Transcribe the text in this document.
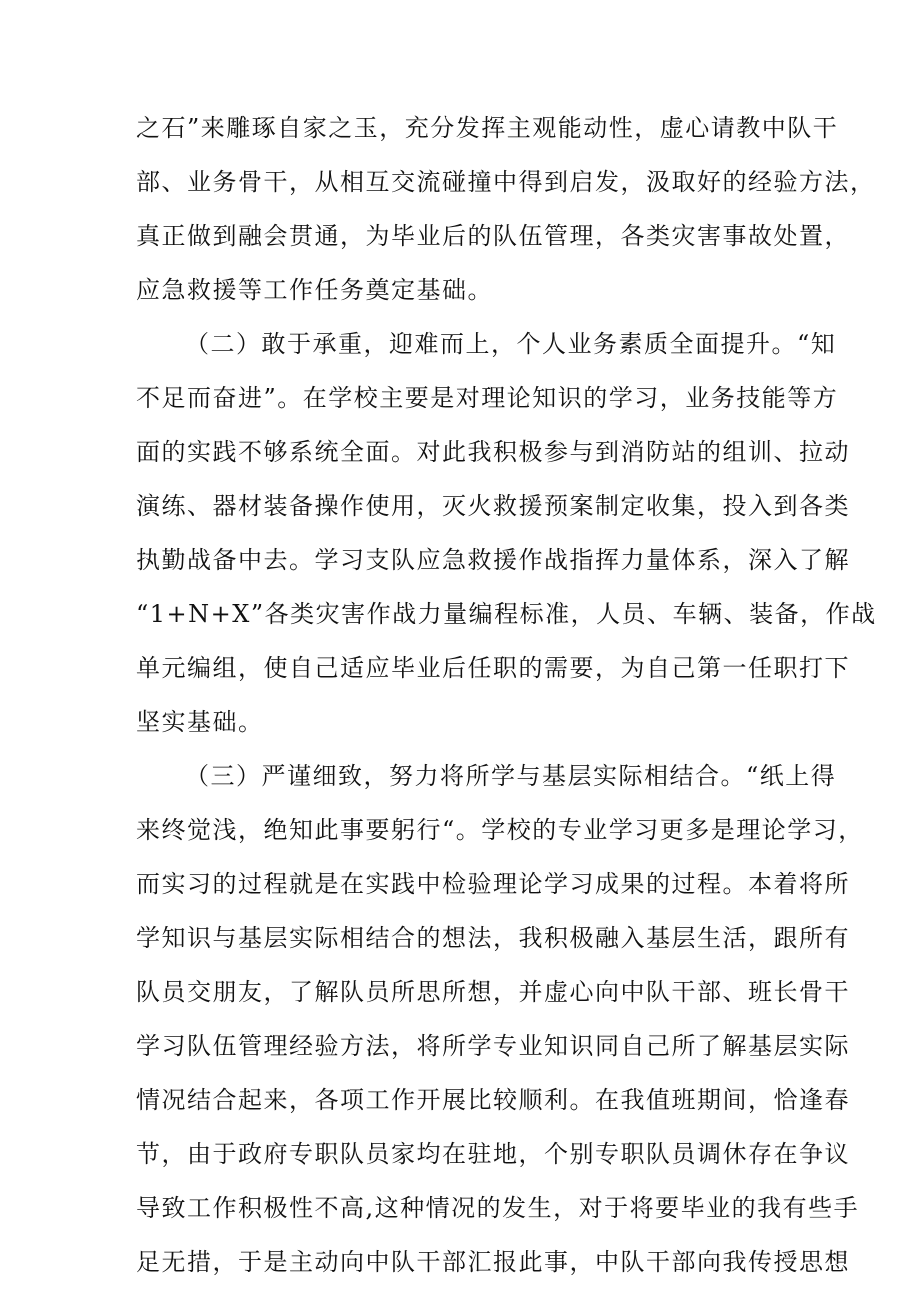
之石”来雕琢自家之玉，充分发挥主观能动性，虚心请教中队干
部、业务骨干，从相互交流碰撞中得到启发，汲取好的经验方法，
真正做到融会贯通，为毕业后的队伍管理，各类灾害事故处置，
应急救援等工作任务奠定基础。
（二）敢于承重，迎难而上，个人业务素质全面提升。“知
不足而奋进”。在学校主要是对理论知识的学习，业务技能等方
面的实践不够系统全面。对此我积极参与到消防站的组训、拉动
演练、器材装备操作使用，灭火救援预案制定收集，投入到各类
执勤战备中去。学习支队应急救援作战指挥力量体系，深入了解
“1+N+X”各类灾害作战力量编程标准，人员、车辆、装备，作战
单元编组，使自己适应毕业后任职的需要，为自己第一任职打下
坚实基础。
（三）严谨细致，努力将所学与基层实际相结合。“纸上得
来终觉浅，绝知此事要躬行“。学校的专业学习更多是理论学习，
而实习的过程就是在实践中检验理论学习成果的过程。本着将所
学知识与基层实际相结合的想法，我积极融入基层生活，跟所有
队员交朋友，了解队员所思所想，并虚心向中队干部、班长骨干
学习队伍管理经验方法，将所学专业知识同自己所了解基层实际
情况结合起来，各项工作开展比较顺利。在我值班期间，恰逢春
节，由于政府专职队员家均在驻地，个别专职队员调休存在争议
导致工作积极性不高,这种情况的发生，对于将要毕业的我有些手
足无措，于是主动向中队干部汇报此事，中队干部向我传授思想
